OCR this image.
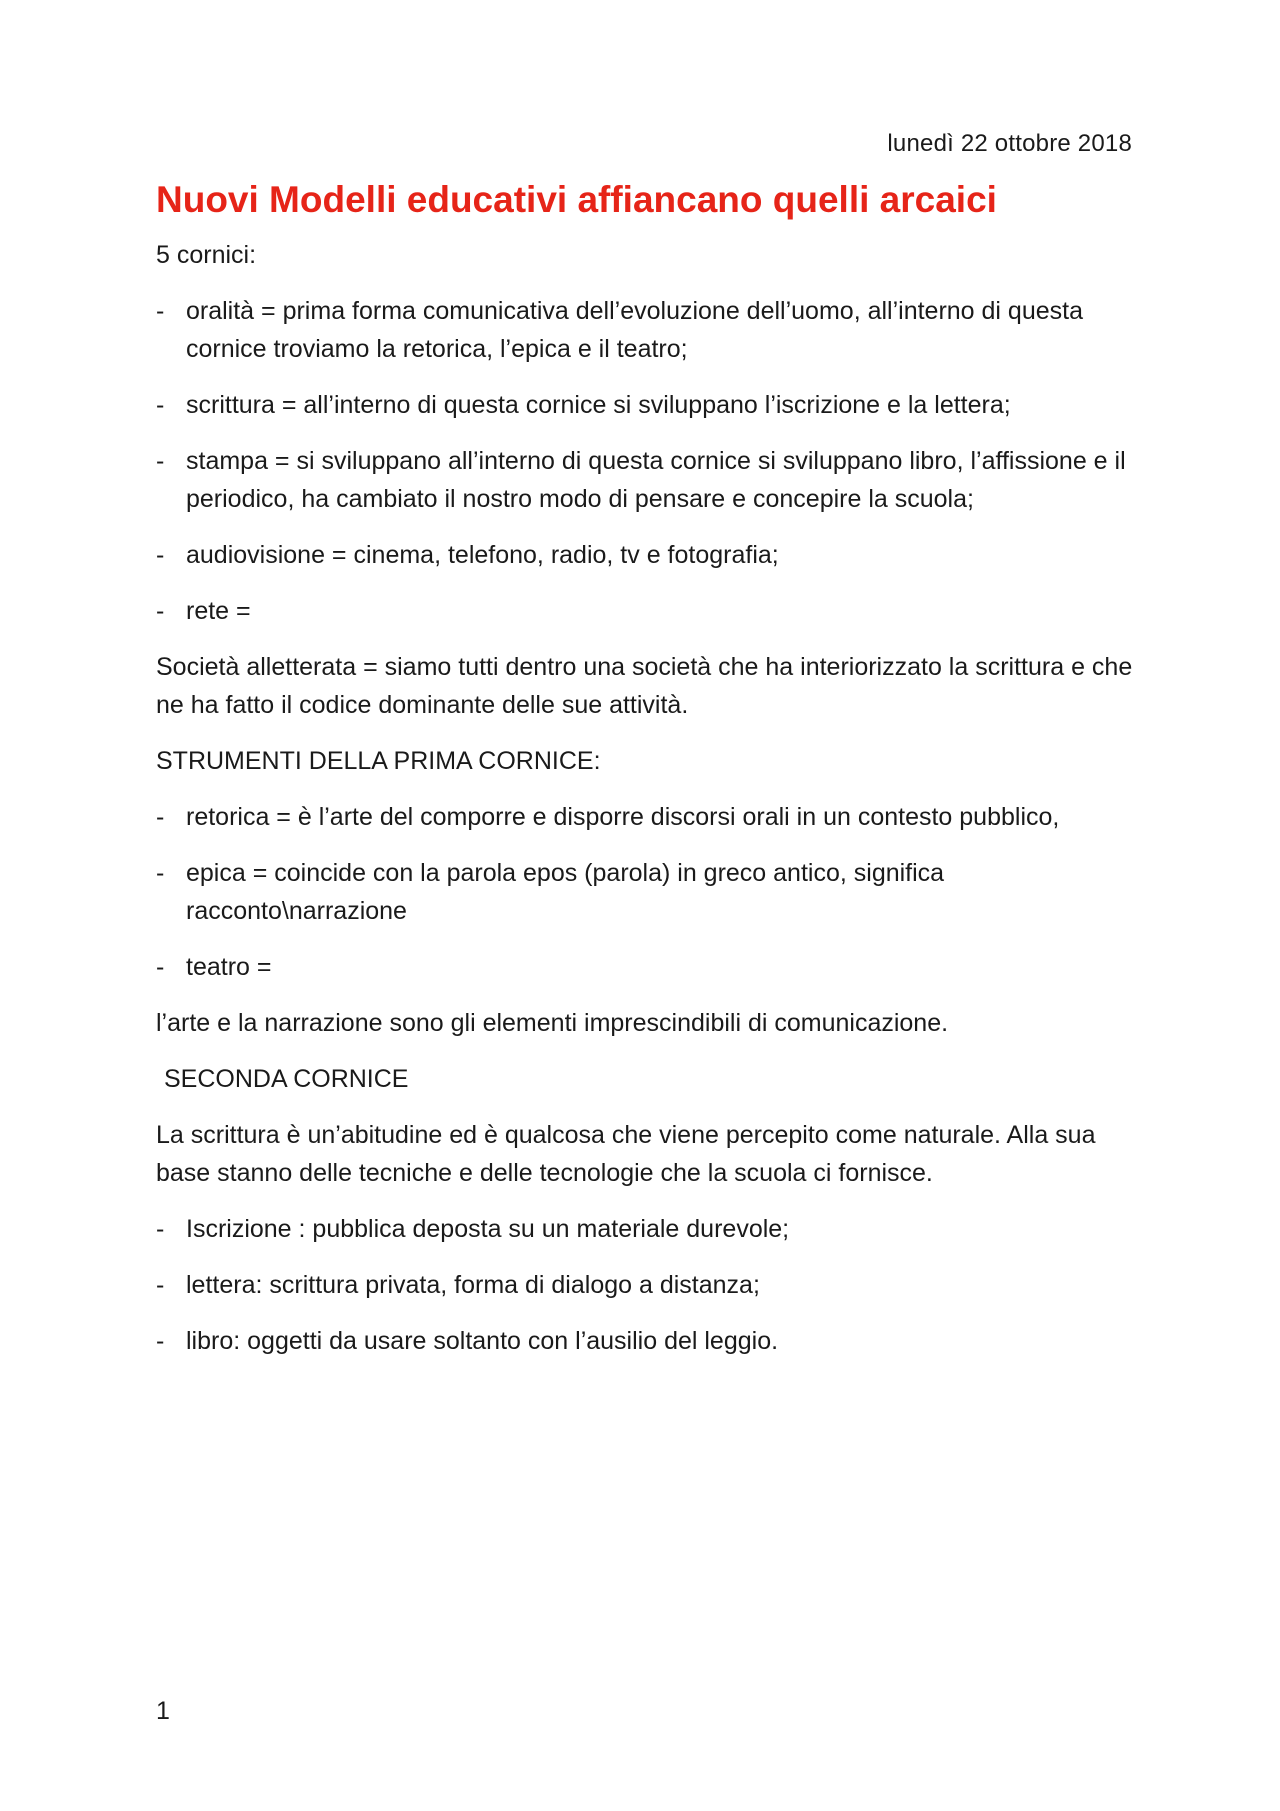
lunedì 22 ottobre 2018
Nuovi Modelli educativi affiancano quelli arcaici

5 cornici:

- oralità = prima forma comunicativa dell’evoluzione dell’uomo, all’interno di questa cornice troviamo la retorica, l’epica e il teatro;
- scrittura = all’interno di questa cornice si sviluppano l’iscrizione e la lettera;
- stampa = si sviluppano all’interno di questa cornice si sviluppano libro, l’affissione e il periodico, ha cambiato il nostro modo di pensare e concepire la scuola;
- audiovisione = cinema, telefono, radio, tv e fotografia;
- rete =

Società alletterata = siamo tutti dentro una società che ha interiorizzato la scrittura e che ne ha fatto il codice dominante delle sue attività.

STRUMENTI DELLA PRIMA CORNICE:

- retorica = è l’arte del comporre e disporre discorsi orali in un contesto pubblico,
- epica = coincide con la parola epos (parola) in greco antico, significa racconto\narrazione
- teatro =

l’arte e la narrazione sono gli elementi imprescindibili di comunicazione.

SECONDA CORNICE

La scrittura è un’abitudine ed è qualcosa che viene percepito come naturale. Alla sua base stanno delle tecniche e delle tecnologie che la scuola ci fornisce.

- Iscrizione : pubblica deposta su un materiale durevole;
- lettera: scrittura privata, forma di dialogo a distanza;
- libro: oggetti da usare soltanto con l’ausilio del leggio.
1
